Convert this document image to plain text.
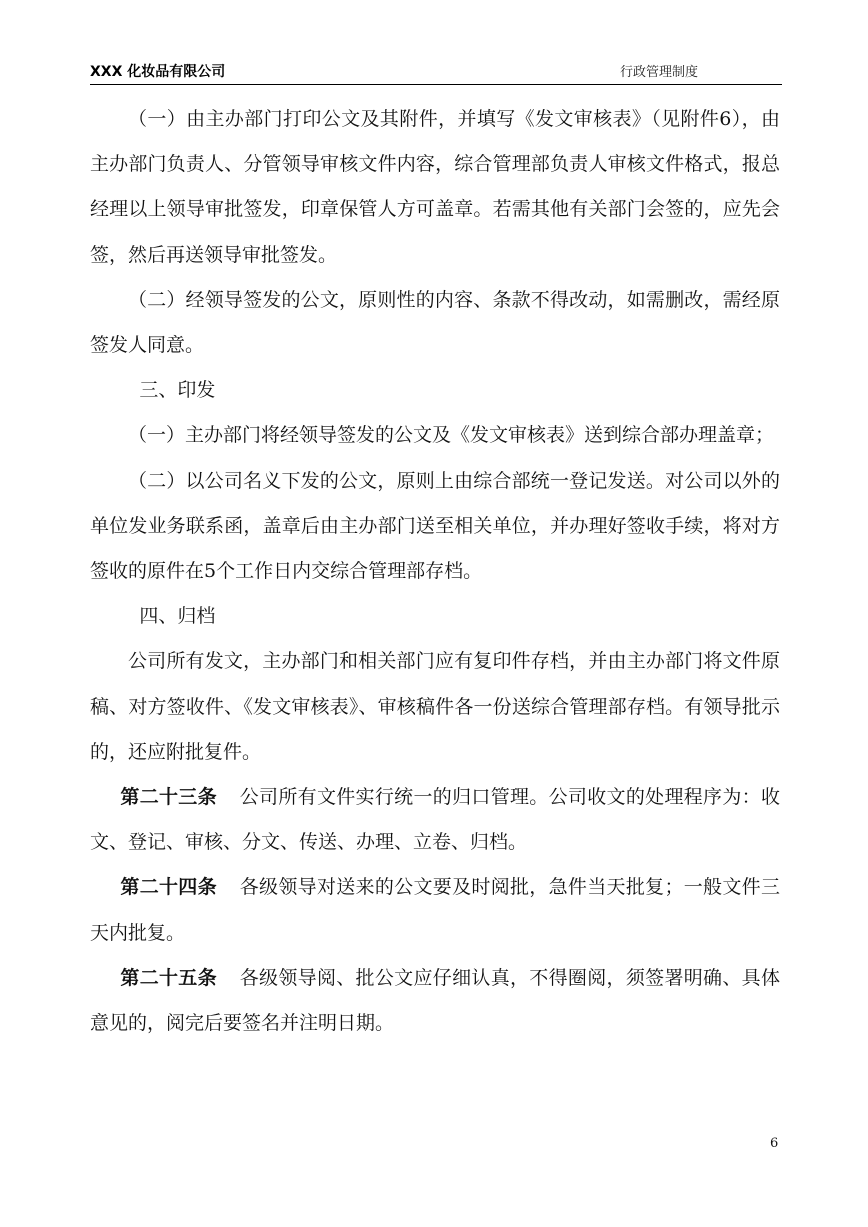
XXX 化妆品有限公司	行政管理制度

（一）由主办部门打印公文及其附件，并填写《发文审核表》（见附件6），由主办部门负责人、分管领导审核文件内容，综合管理部负责人审核文件格式，报总经理以上领导审批签发，印章保管人方可盖章。若需其他有关部门会签的，应先会签，然后再送领导审批签发。

（二）经领导签发的公文，原则性的内容、条款不得改动，如需删改，需经原签发人同意。

三、印发

（一）主办部门将经领导签发的公文及《发文审核表》送到综合部办理盖章；

（二）以公司名义下发的公文，原则上由综合部统一登记发送。对公司以外的单位发业务联系函，盖章后由主办部门送至相关单位，并办理好签收手续，将对方签收的原件在5个工作日内交综合管理部存档。

四、归档

公司所有发文，主办部门和相关部门应有复印件存档，并由主办部门将文件原稿、对方签收件、《发文审核表》、审核稿件各一份送综合管理部存档。有领导批示的，还应附批复件。

第二十三条 公司所有文件实行统一的归口管理。公司收文的处理程序为：收文、登记、审核、分文、传送、办理、立卷、归档。

第二十四条 各级领导对送来的公文要及时阅批，急件当天批复；一般文件三天内批复。

第二十五条 各级领导阅、批公文应仔细认真，不得圈阅，须签署明确、具体意见的，阅完后要签名并注明日期。

6
